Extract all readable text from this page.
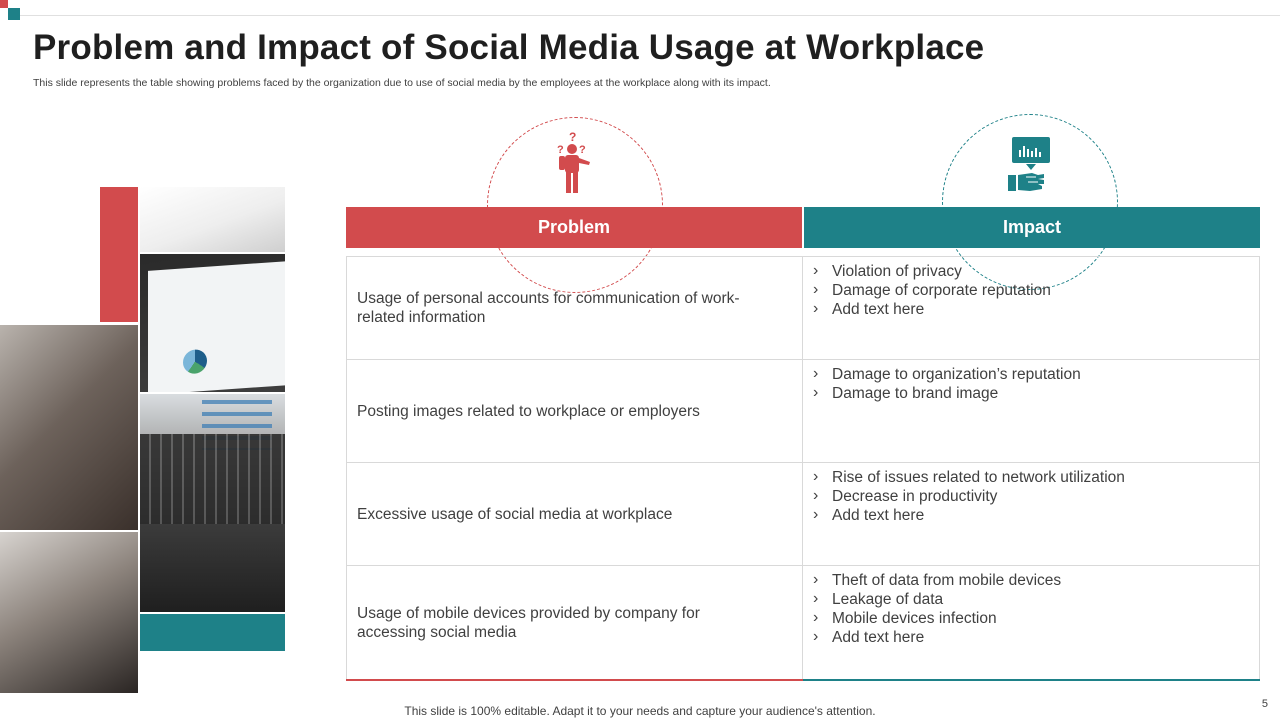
Problem and Impact of Social Media Usage at Workplace

This slide represents the table showing problems faced by the organization due to use of social media by the employees at the workplace along with its impact.

?
? ?
Problem	Impact
Usage of personal accounts for communication of work-related information
› Violation of privacy
› Damage of corporate reputation
› Add text here
Posting images related to workplace or employers
› Damage to organization’s reputation
› Damage to brand image
Excessive usage of social media at workplace
› Rise of issues related to network utilization
› Decrease in productivity
› Add text here
Usage of mobile devices provided by company for accessing social media
› Theft of data from mobile devices
› Leakage of data
› Mobile devices infection
› Add text here
This slide is 100% editable. Adapt it to your needs and capture your audience's attention.	5
